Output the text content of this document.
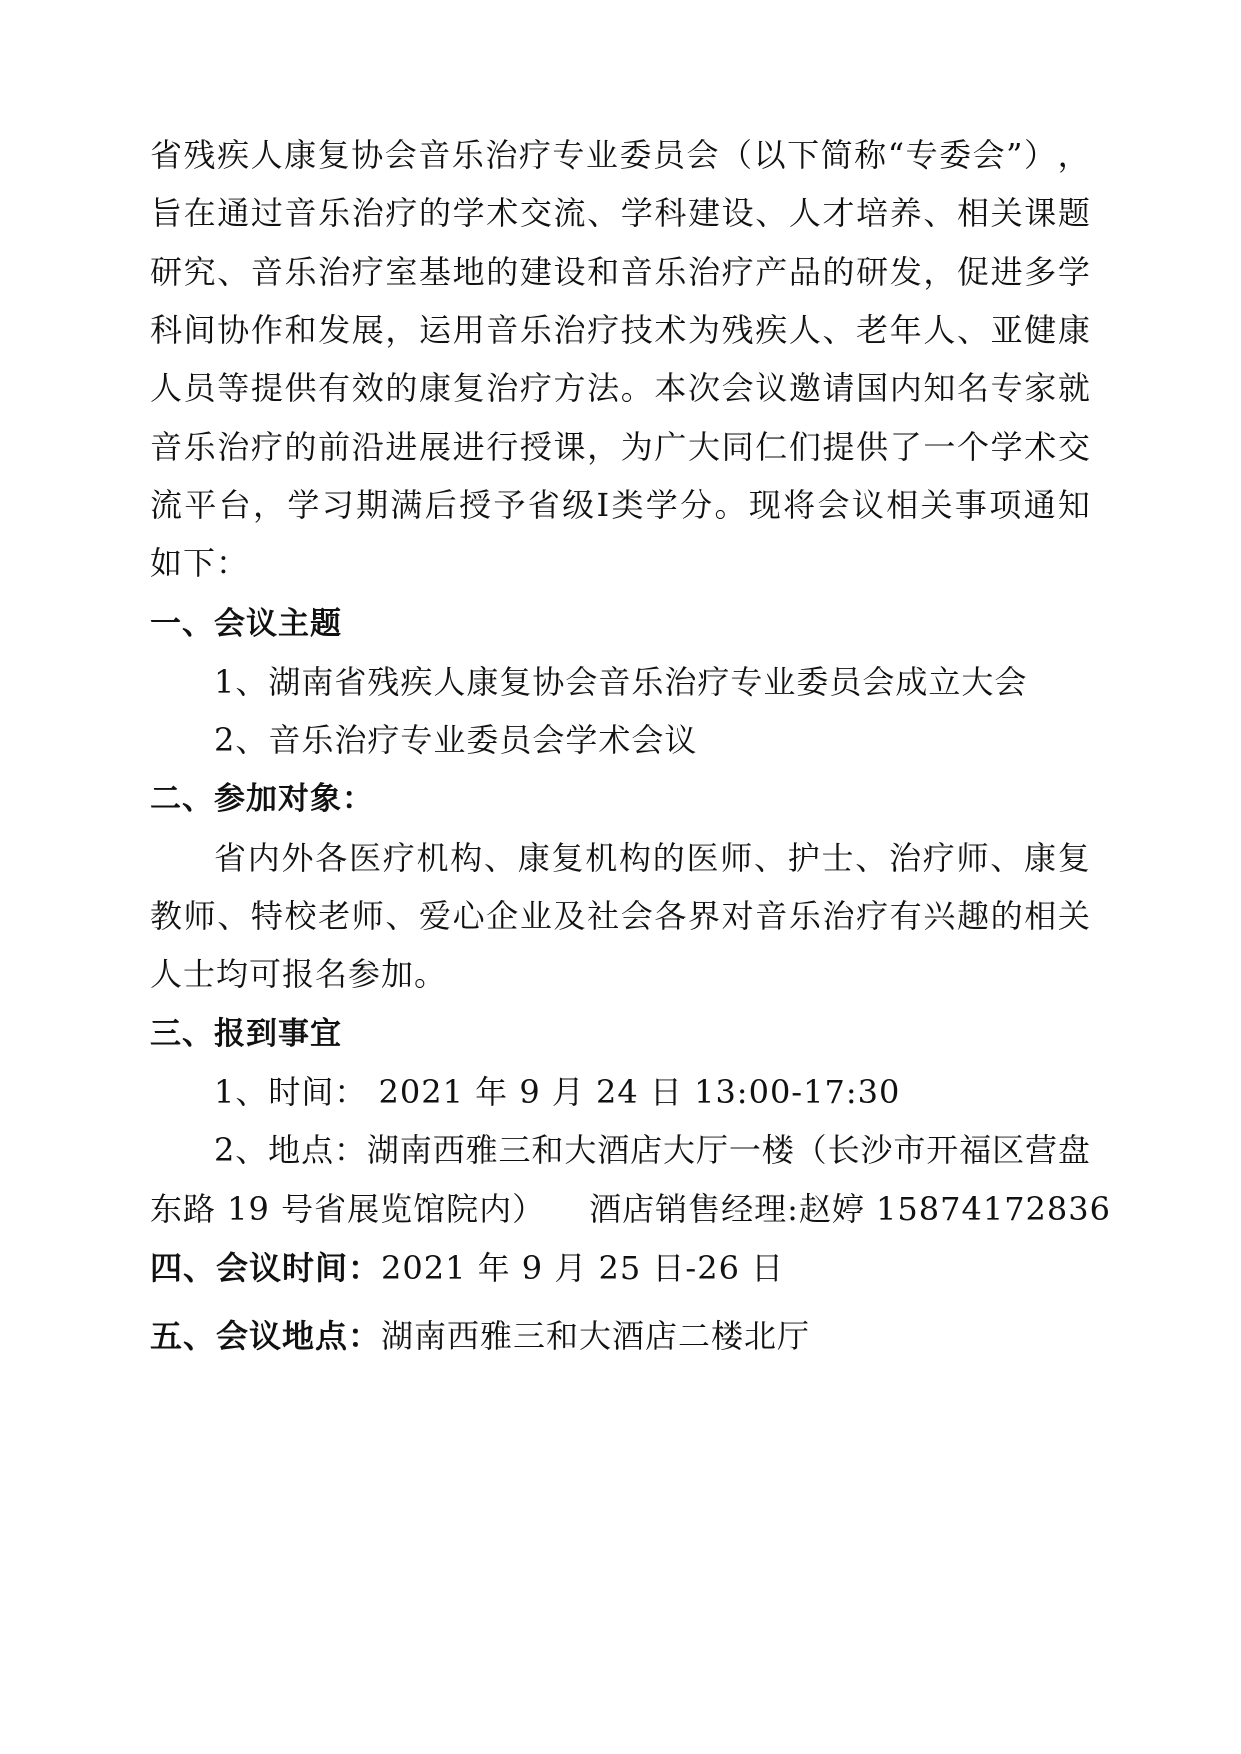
省 残 疾 人 康 复 协 会 音 乐 治 疗 专 业 委 员 会 （ 以 下 简 称 “ 专 委 会 ” ） ，
旨 在 通 过 音 乐 治 疗 的 学 术 交 流 、 学 科 建 设 、 人 才 培 养 、 相 关 课 题
研 究 、 音 乐 治 疗 室 基 地 的 建 设 和 音 乐 治 疗 产 品 的 研 发 ， 促 进 多 学
科 间 协 作 和 发 展 ， 运 用 音 乐 治 疗 技 术 为 残 疾 人 、 老 年 人 、 亚 健 康
人 员 等 提 供 有 效 的 康 复 治 疗 方 法 。 本 次 会 议 邀 请 国 内 知 名 专 家 就
音 乐 治 疗 的 前 沿 进 展 进 行 授 课 ， 为 广 大 同 仁 们 提 供 了 一 个 学 术 交
流 平 台 ， 学 习 期 满 后 授 予 省 级 Ⅰ 类 学 分 。 现 将 会 议 相 关 事 项 通 知
如下：
一、会议主题
1、湖南省残疾人康复协会音乐治疗专业委员会成立大会
2、音乐治疗专业委员会学术会议
二、参加对象：
省 内 外 各 医 疗 机 构 、 康 复 机 构 的 医 师 、 护 士 、 治 疗 师 、 康 复
教 师 、 特 校 老 师 、 爱 心 企 业 及 社 会 各 界 对 音 乐 治 疗 有 兴 趣 的 相 关
人士均可报名参加。
三、报到事宜
1、时间： 2021 年 9 月 24 日 13:00-17:30
2 、 地 点 ： 湖 南 西 雅 三 和 大 酒 店 大 厅 一 楼 （ 长 沙 市 开 福 区 营 盘
东路 19 号省展览馆院内） 酒店销售经理:赵婷 15874172836
四、会议时间：2021 年 9 月 25 日-26 日
五、会议地点：湖南西雅三和大酒店二楼北厅
